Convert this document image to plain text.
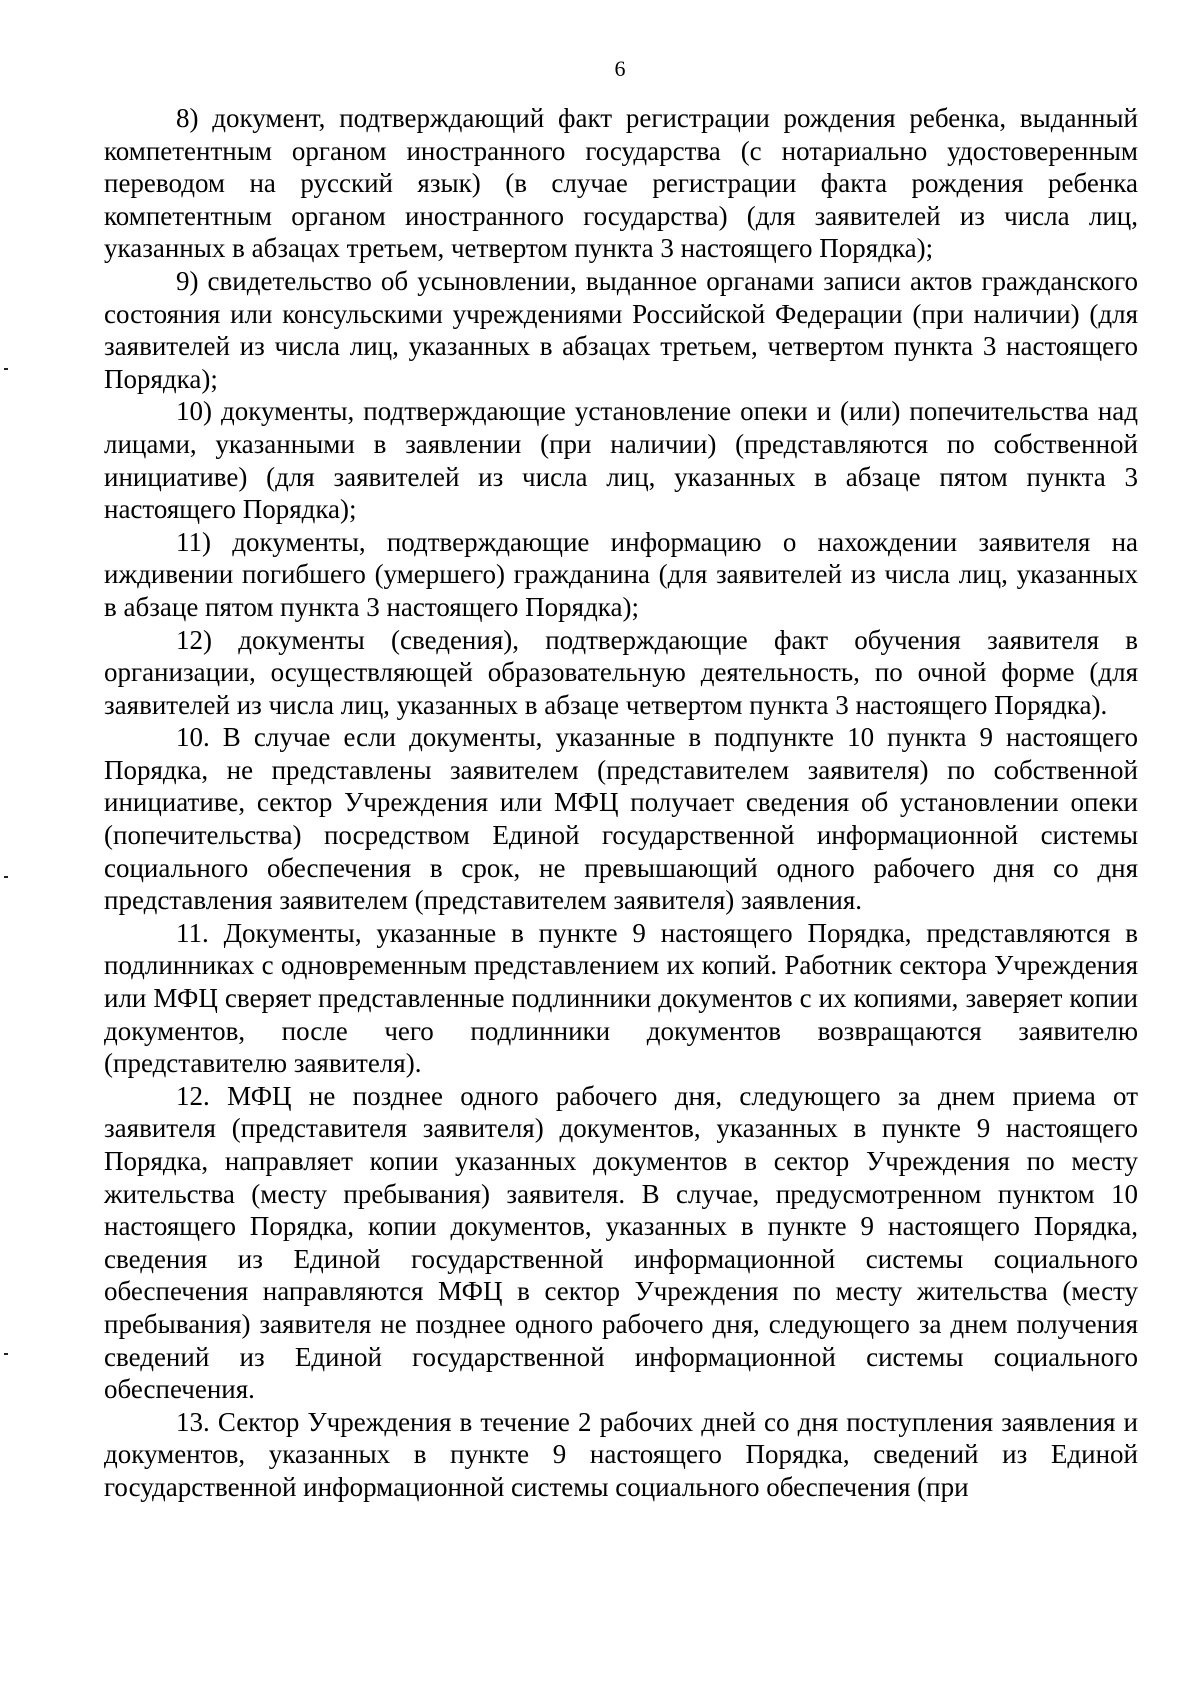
6

8) документ, подтверждающий факт регистрации рождения ребенка, выданный компетентным органом иностранного государства (с нотариально удостоверенным переводом на русский язык) (в случае регистрации факта рождения ребенка компетентным органом иностранного государства) (для заявителей из числа лиц, указанных в абзацах третьем, четвертом пункта 3 настоящего Порядка);

9) свидетельство об усыновлении, выданное органами записи актов гражданского состояния или консульскими учреждениями Российской Федерации (при наличии) (для заявителей из числа лиц, указанных в абзацах третьем, четвертом пункта 3 настоящего Порядка);

10) документы, подтверждающие установление опеки и (или) попечительства над лицами, указанными в заявлении (при наличии) (представляются по собственной инициативе) (для заявителей из числа лиц, указанных в абзаце пятом пункта 3 настоящего Порядка);

11) документы, подтверждающие информацию о нахождении заявителя на иждивении погибшего (умершего) гражданина (для заявителей из числа лиц, указанных в абзаце пятом пункта 3 настоящего Порядка);

12) документы (сведения), подтверждающие факт обучения заявителя в организации, осуществляющей образовательную деятельность, по очной форме (для заявителей из числа лиц, указанных в абзаце четвертом пункта 3 настоящего Порядка).

10. В случае если документы, указанные в подпункте 10 пункта 9 настоящего Порядка, не представлены заявителем (представителем заявителя) по собственной инициативе, сектор Учреждения или МФЦ получает сведения об установлении опеки (попечительства) посредством Единой государственной информационной системы социального обеспечения в срок, не превышающий одного рабочего дня со дня представления заявителем (представителем заявителя) заявления.

11. Документы, указанные в пункте 9 настоящего Порядка, представляются в подлинниках с одновременным представлением их копий. Работник сектора Учреждения или МФЦ сверяет представленные подлинники документов с их копиями, заверяет копии документов, после чего подлинники документов возвращаются заявителю (представителю заявителя).

12. МФЦ не позднее одного рабочего дня, следующего за днем приема от заявителя (представителя заявителя) документов, указанных в пункте 9 настоящего Порядка, направляет копии указанных документов в сектор Учреждения по месту жительства (месту пребывания) заявителя. В случае, предусмотренном пунктом 10 настоящего Порядка, копии документов, указанных в пункте 9 настоящего Порядка, сведения из Единой государственной информационной системы социального обеспечения направляются МФЦ в сектор Учреждения по месту жительства (месту пребывания) заявителя не позднее одного рабочего дня, следующего за днем получения сведений из Единой государственной информационной системы социального обеспечения.

13. Сектор Учреждения в течение 2 рабочих дней со дня поступления заявления и документов, указанных в пункте 9 настоящего Порядка, сведений из Единой государственной информационной системы социального обеспечения (при
